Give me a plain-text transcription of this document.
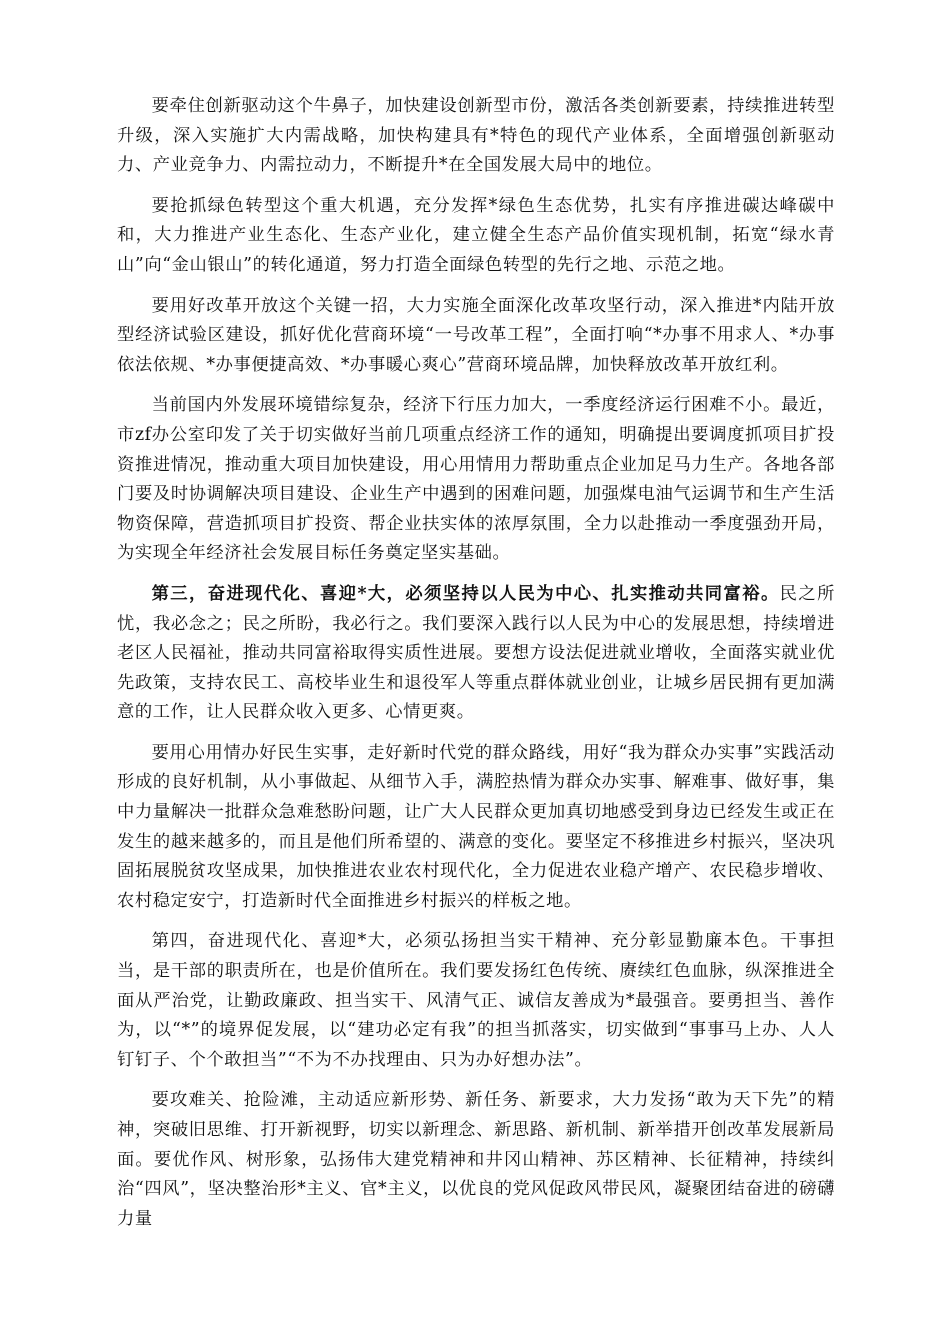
要牵住创新驱动这个牛鼻子，加快建设创新型市份，激活各类创新要素，持续推进转型升级，深入实施扩大内需战略，加快构建具有*特色的现代产业体系，全面增强创新驱动力、产业竞争力、内需拉动力，不断提升*在全国发展大局中的地位。

要抢抓绿色转型这个重大机遇，充分发挥*绿色生态优势，扎实有序推进碳达峰碳中和，大力推进产业生态化、生态产业化，建立健全生态产品价值实现机制，拓宽“绿水青山”向“金山银山”的转化通道，努力打造全面绿色转型的先行之地、示范之地。

要用好改革开放这个关键一招，大力实施全面深化改革攻坚行动，深入推进*内陆开放型经济试验区建设，抓好优化营商环境“一号改革工程”，全面打响“*办事不用求人、*办事依法依规、*办事便捷高效、*办事暖心爽心”营商环境品牌，加快释放改革开放红利。

当前国内外发展环境错综复杂，经济下行压力加大，一季度经济运行困难不小。最近，市zf办公室印发了关于切实做好当前几项重点经济工作的通知，明确提出要调度抓项目扩投资推进情况，推动重大项目加快建设，用心用情用力帮助重点企业加足马力生产。各地各部门要及时协调解决项目建设、企业生产中遇到的困难问题，加强煤电油气运调节和生产生活物资保障，营造抓项目扩投资、帮企业扶实体的浓厚氛围，全力以赴推动一季度强劲开局，为实现全年经济社会发展目标任务奠定坚实基础。

第三，奋进现代化、喜迎*大，必须坚持以人民为中心、扎实推动共同富裕。民之所忧，我必念之；民之所盼，我必行之。我们要深入践行以人民为中心的发展思想，持续增进老区人民福祉，推动共同富裕取得实质性进展。要想方设法促进就业增收，全面落实就业优先政策，支持农民工、高校毕业生和退役军人等重点群体就业创业，让城乡居民拥有更加满意的工作，让人民群众收入更多、心情更爽。

要用心用情办好民生实事，走好新时代党的群众路线，用好“我为群众办实事”实践活动形成的良好机制，从小事做起、从细节入手，满腔热情为群众办实事、解难事、做好事，集中力量解决一批群众急难愁盼问题，让广大人民群众更加真切地感受到身边已经发生或正在发生的越来越多的，而且是他们所希望的、满意的变化。要坚定不移推进乡村振兴，坚决巩固拓展脱贫攻坚成果，加快推进农业农村现代化，全力促进农业稳产增产、农民稳步增收、农村稳定安宁，打造新时代全面推进乡村振兴的样板之地。

第四，奋进现代化、喜迎*大，必须弘扬担当实干精神、充分彰显勤廉本色。干事担当，是干部的职责所在，也是价值所在。我们要发扬红色传统、赓续红色血脉，纵深推进全面从严治党，让勤政廉政、担当实干、风清气正、诚信友善成为*最强音。要勇担当、善作为，以“*”的境界促发展，以“建功必定有我”的担当抓落实，切实做到“事事马上办、人人钉钉子、个个敢担当”“不为不办找理由、只为办好想办法”。

要攻难关、抢险滩，主动适应新形势、新任务、新要求，大力发扬“敢为天下先”的精神，突破旧思维、打开新视野，切实以新理念、新思路、新机制、新举措开创改革发展新局面。要优作风、树形象，弘扬伟大建党精神和井冈山精神、苏区精神、长征精神，持续纠治“四风”，坚决整治形*主义、官*主义，以优良的党风促政风带民风，凝聚团结奋进的磅礴力量
